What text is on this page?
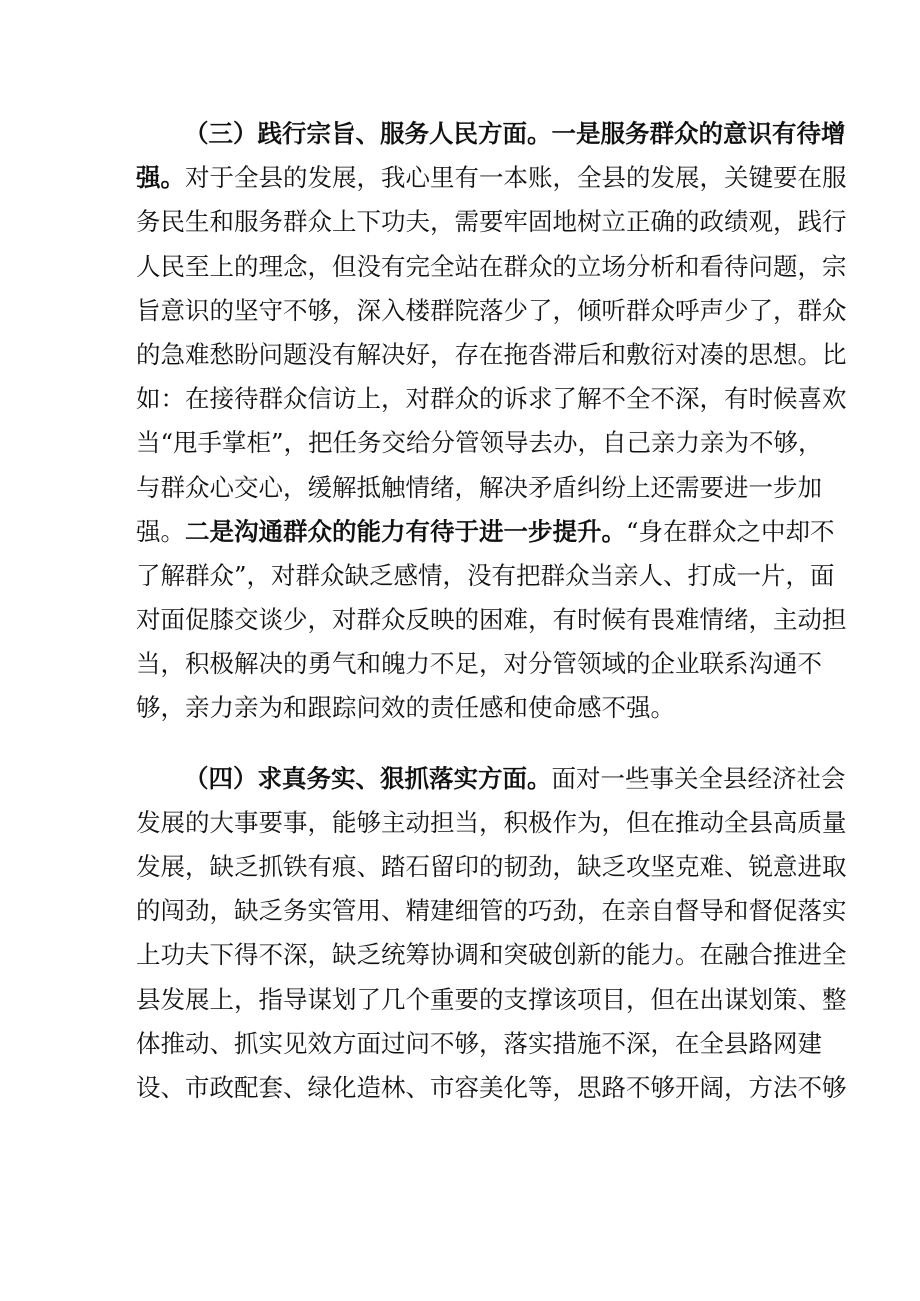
（三）践行宗旨、服务人民方面。一是服务群众的意识有待增
强。对于全县的发展，我心里有一本账，全县的发展，关键要在服
务民生和服务群众上下功夫，需要牢固地树立正确的政绩观，践行
人民至上的理念，但没有完全站在群众的立场分析和看待问题，宗
旨意识的坚守不够，深入楼群院落少了，倾听群众呼声少了，群众
的急难愁盼问题没有解决好，存在拖沓滞后和敷衍对凑的思想。比
如：在接待群众信访上，对群众的诉求了解不全不深，有时候喜欢
当“甩手掌柜”，把任务交给分管领导去办，自己亲力亲为不够，
与群众心交心，缓解抵触情绪，解决矛盾纠纷上还需要进一步加
强。二是沟通群众的能力有待于进一步提升。“身在群众之中却不
了解群众”，对群众缺乏感情，没有把群众当亲人、打成一片，面
对面促膝交谈少，对群众反映的困难，有时候有畏难情绪，主动担
当，积极解决的勇气和魄力不足，对分管领域的企业联系沟通不
够，亲力亲为和跟踪问效的责任感和使命感不强。
（四）求真务实、狠抓落实方面。面对一些事关全县经济社会
发展的大事要事，能够主动担当，积极作为，但在推动全县高质量
发展，缺乏抓铁有痕、踏石留印的韧劲，缺乏攻坚克难、锐意进取
的闯劲，缺乏务实管用、精建细管的巧劲，在亲自督导和督促落实
上功夫下得不深，缺乏统筹协调和突破创新的能力。在融合推进全
县发展上，指导谋划了几个重要的支撑该项目，但在出谋划策、整
体推动、抓实见效方面过问不够，落实措施不深，在全县路网建
设、市政配套、绿化造林、市容美化等，思路不够开阔，方法不够
